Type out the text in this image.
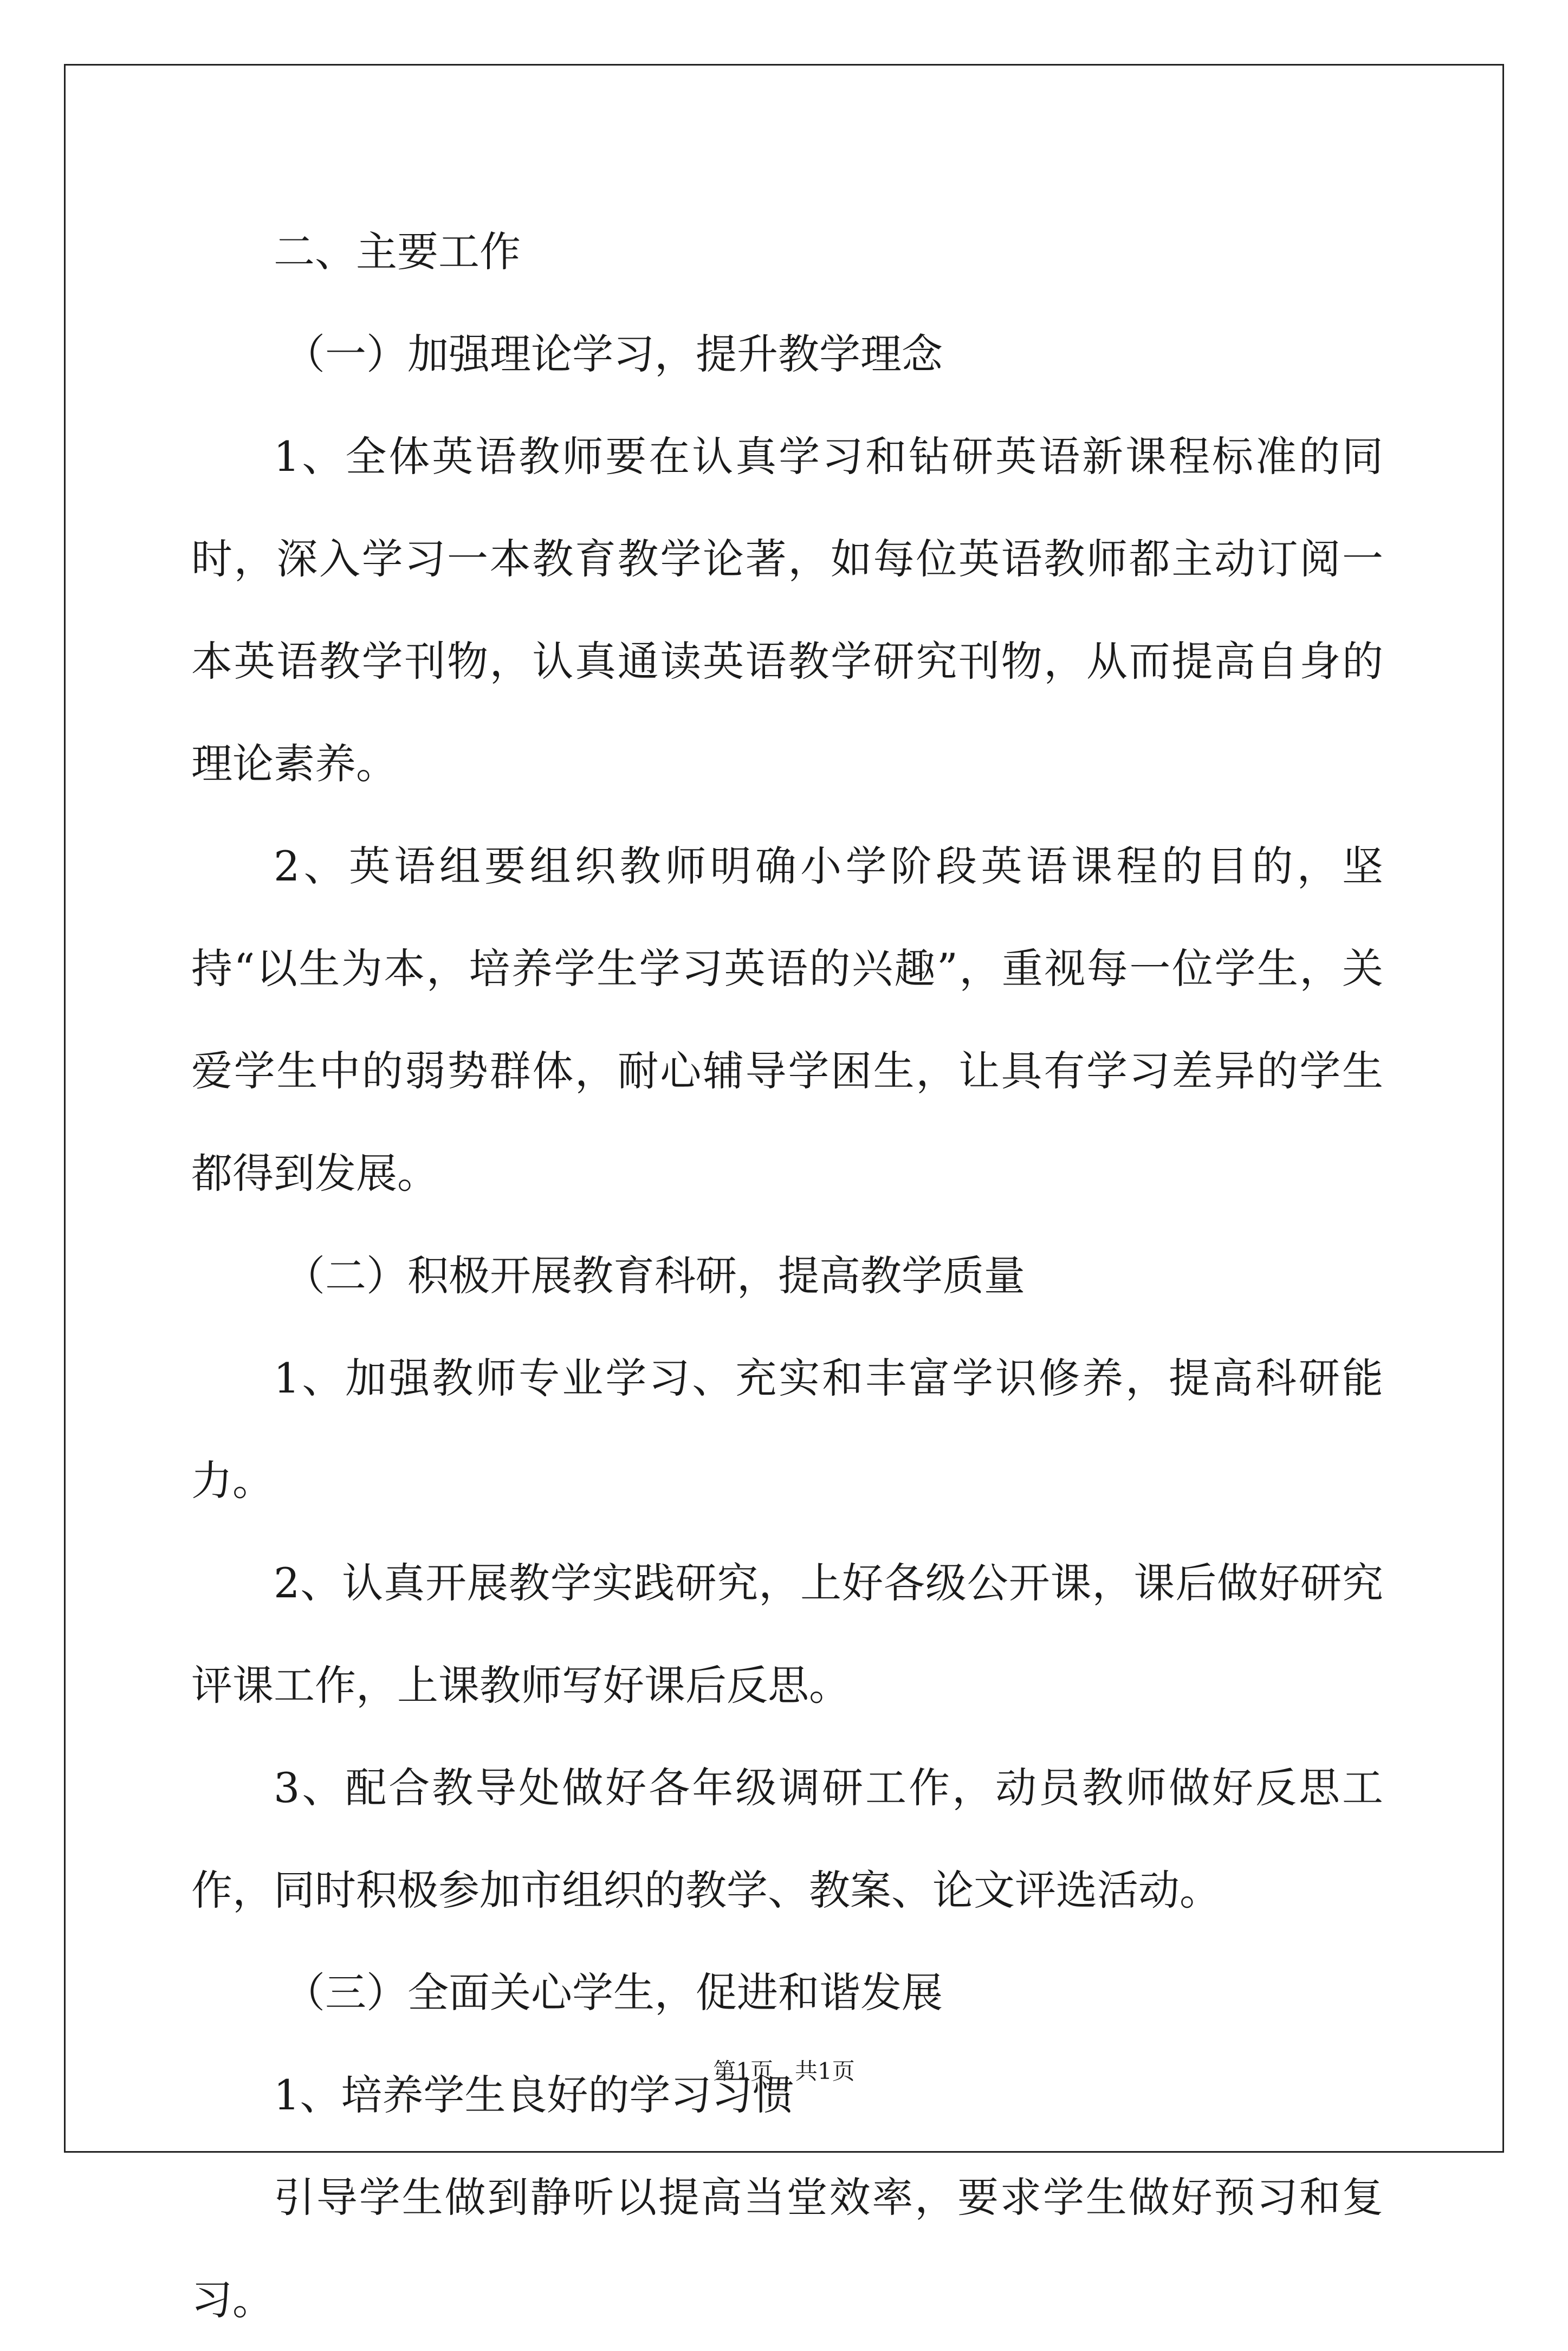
二、主要工作

（一）加强理论学习，提升教学理念

1、全体英语教师要在认真学习和钻研英语新课程标准的同时，深入学习一本教育教学论著，如每位英语教师都主动订阅一本英语教学刊物，认真通读英语教学研究刊物，从而提高自身的理论素养。

2、英语组要组织教师明确小学阶段英语课程的目的，坚持“以生为本，培养学生学习英语的兴趣”，重视每一位学生，关爱学生中的弱势群体，耐心辅导学困生，让具有学习差异的学生都得到发展。

（二）积极开展教育科研，提高教学质量

1、加强教师专业学习、充实和丰富学识修养，提高科研能力。

2、认真开展教学实践研究，上好各级公开课，课后做好研究评课工作，上课教师写好课后反思。

3、配合教导处做好各年级调研工作，动员教师做好反思工作，同时积极参加市组织的教学、教案、论文评选活动。

（三）全面关心学生，促进和谐发展

1、培养学生良好的学习习惯

引导学生做到静听以提高当堂效率，要求学生做好预习和复习。

第1页   共1页
